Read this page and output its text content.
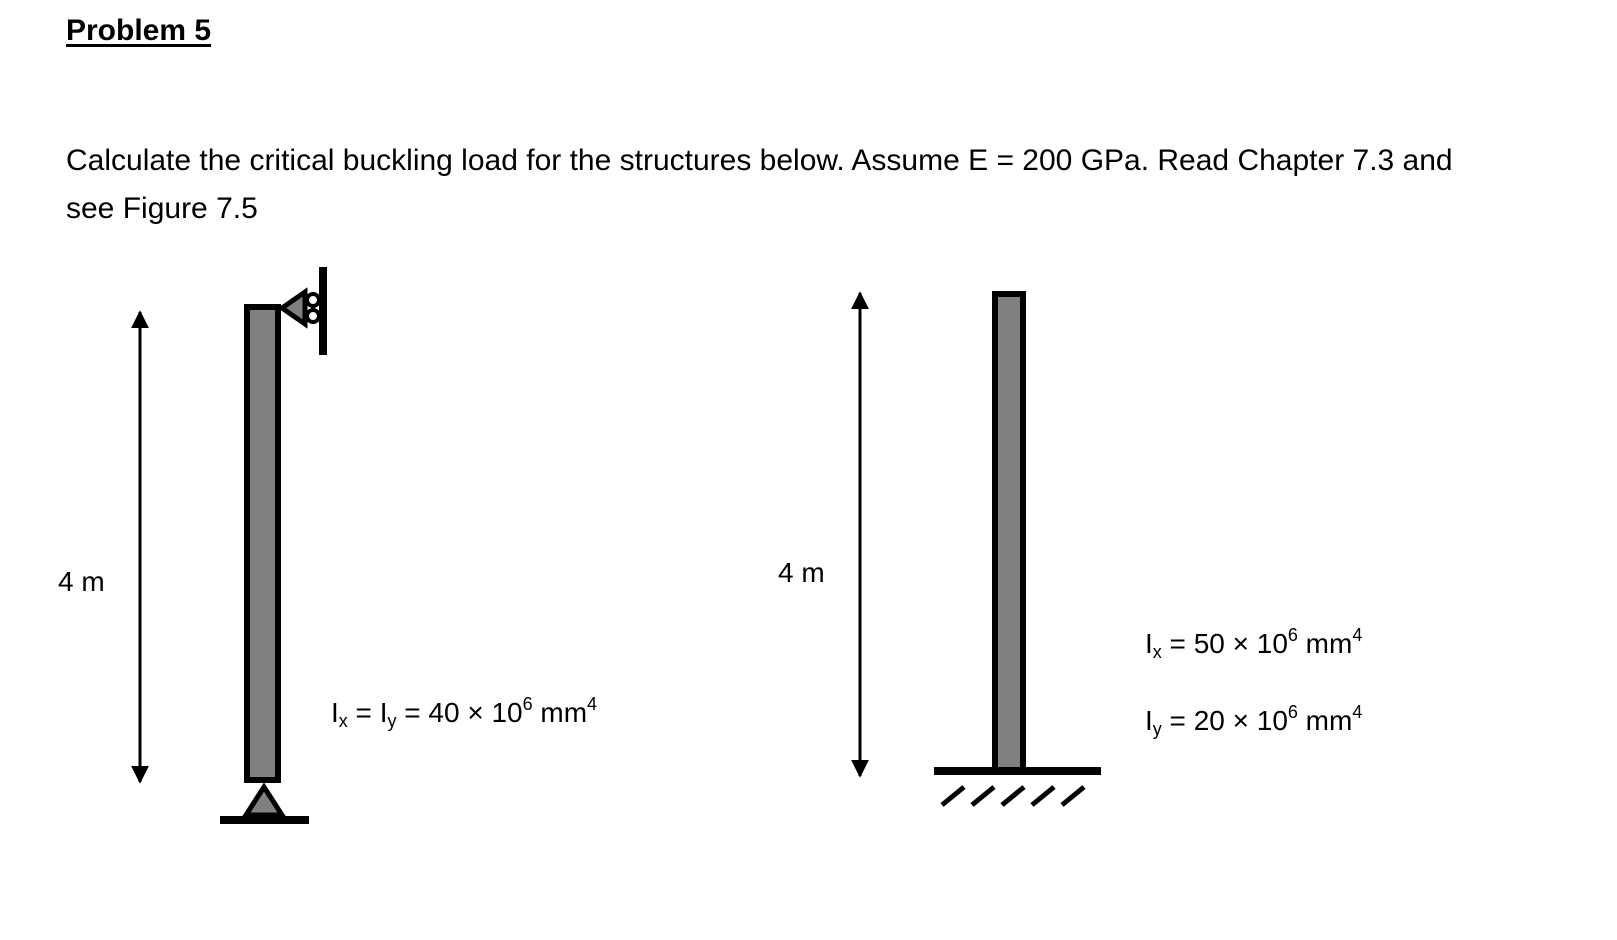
Problem 5
Calculate the critical buckling load for the structures below. Assume E = 200 GPa. Read Chapter 7.3 and
see Figure 7.5
4 m
$I_x = I_y = 40 \times 10^6$ $mm^4$
4 m
$I_x = 50 \times 10^6$ $mm^4$
$I_y = 20 \times 10^6$ $mm^4$
